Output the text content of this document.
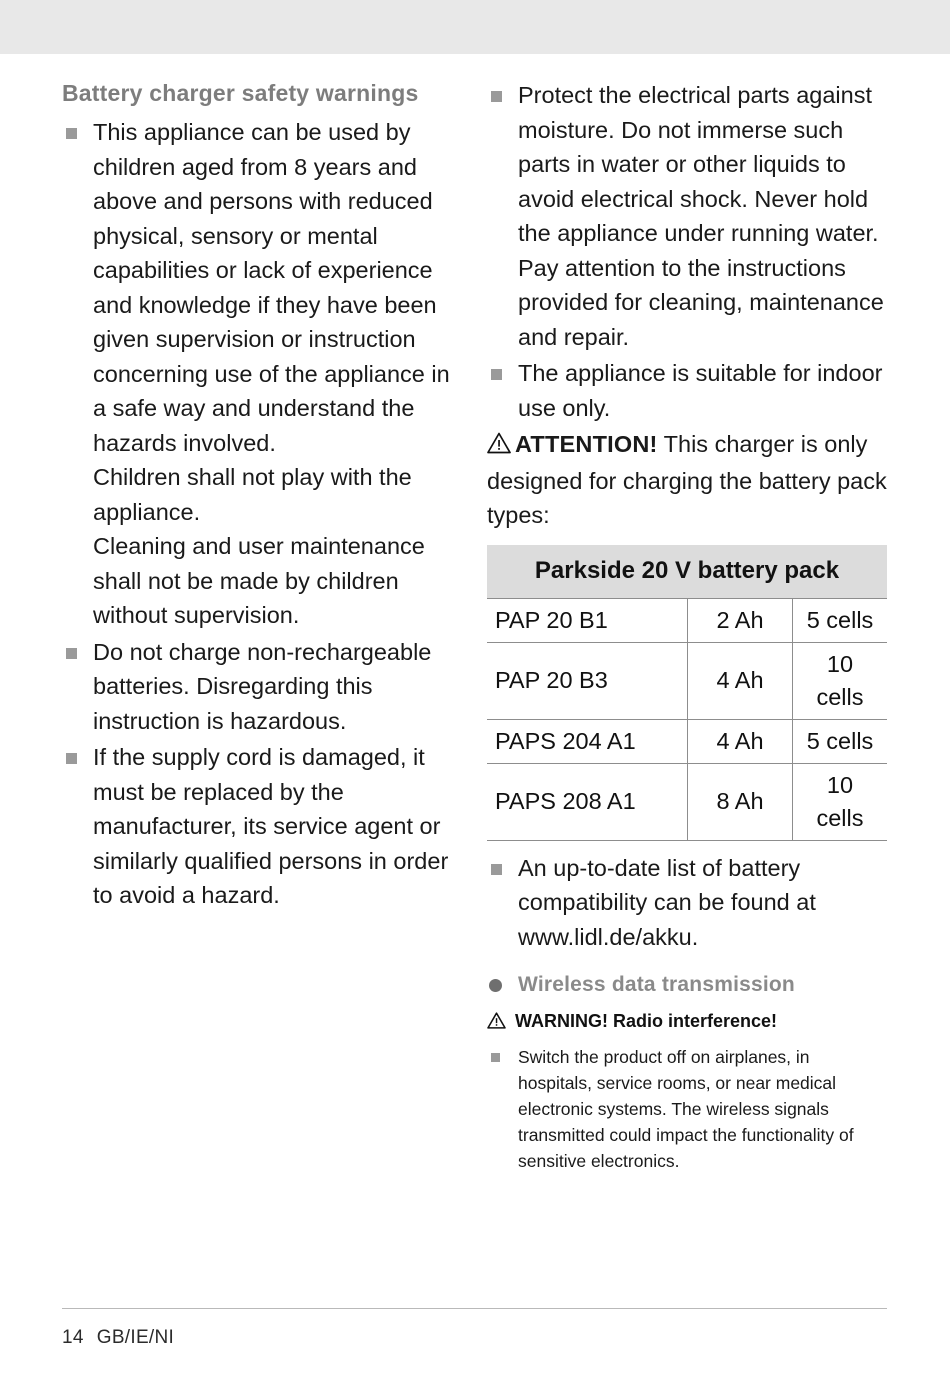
Battery charger safety warnings
This appliance can be used by children aged from 8 years and above and persons with reduced physical, sensory or mental capabilities or lack of experience and knowledge if they have been given supervision or instruction concerning use of the appliance in a safe way and understand the hazards involved.
Children shall not play with the appliance.
Cleaning and user maintenance shall not be made by children without supervision.
Do not charge non-rechargeable batteries. Disregarding this instruction is hazardous.
If the supply cord is damaged, it must be replaced by the manufacturer, its service agent or similarly qualified persons in order to avoid a hazard.
Protect the electrical parts against moisture. Do not immerse such parts in water or other liquids to avoid electrical shock. Never hold the appliance under running water. Pay attention to the instructions provided for cleaning, maintenance and repair.
The appliance is suitable for indoor use only.
ATTENTION! This charger is only designed for charging the battery pack types:
Parkside 20 V battery pack		
PAP 20 B1	2 Ah	5 cells
PAP 20 B3	4 Ah	10 cells
PAPS 204 A1	4 Ah	5 cells
PAPS 208 A1	8 Ah	10 cells
An up-to-date list of battery compatibility can be found at www.lidl.de/akku.
Wireless data transmission
WARNING! Radio interference!
Switch the product off on airplanes, in hospitals, service rooms, or near medical electronic systems. The wireless signals transmitted could impact the functionality of sensitive electronics.
14 GB/IE/NI
